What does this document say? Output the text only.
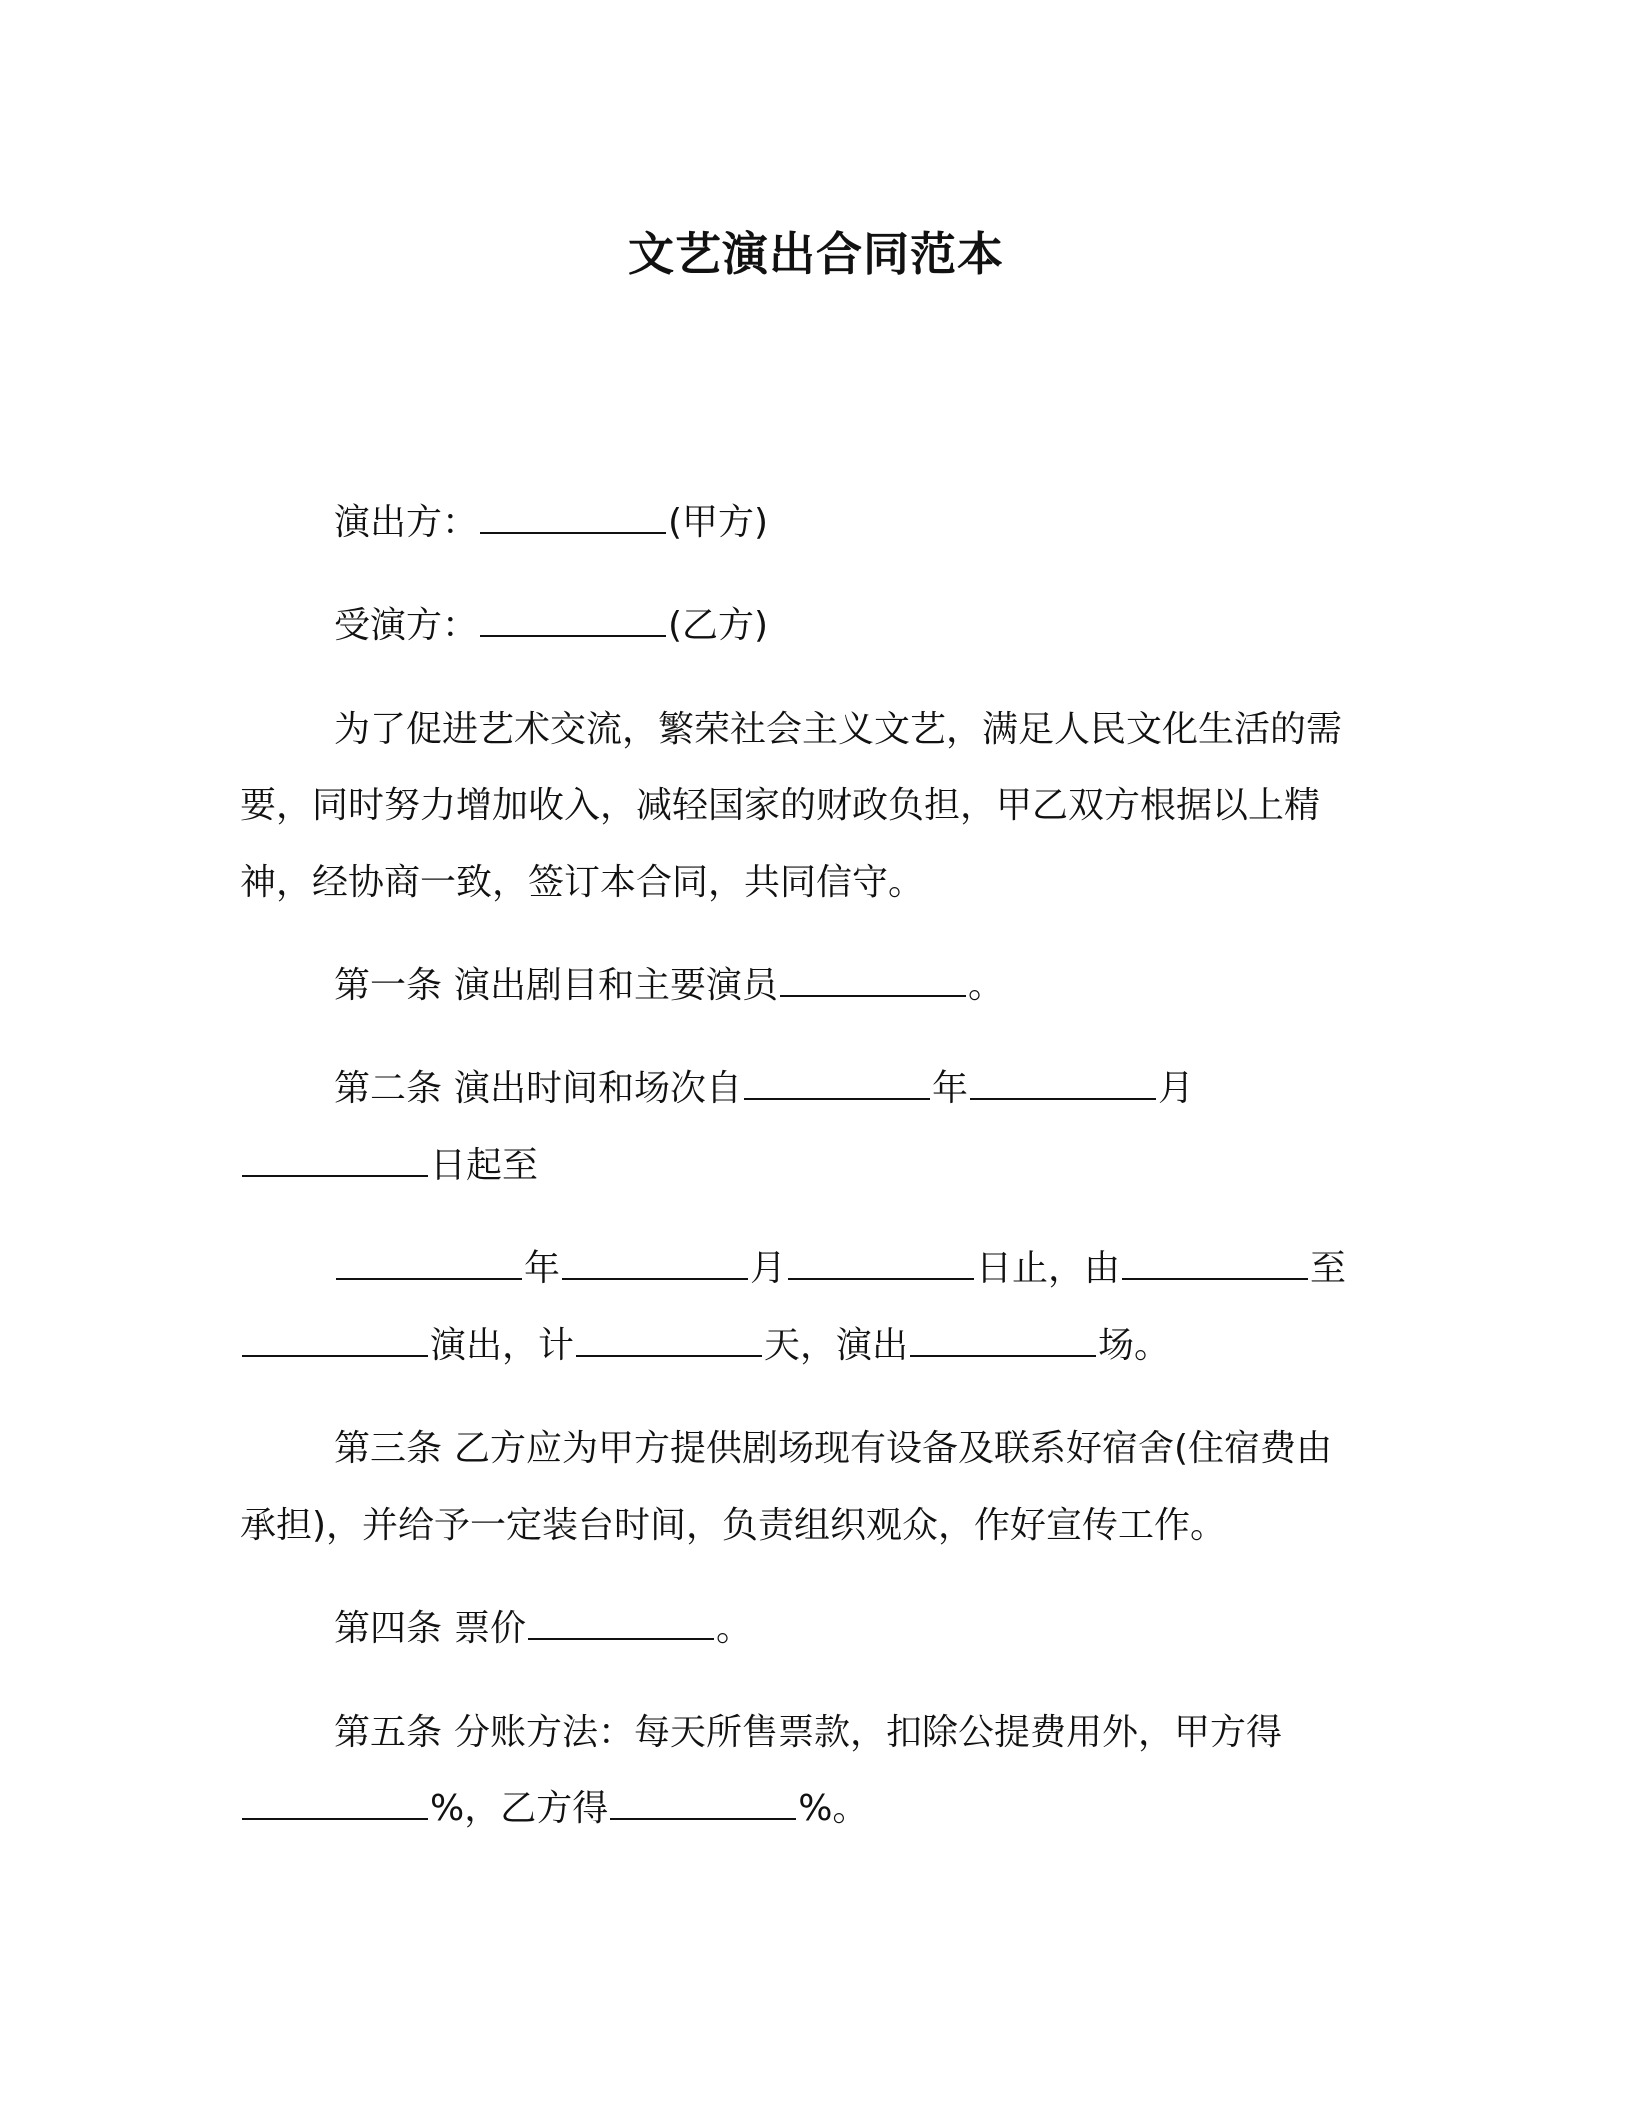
文艺演出合同范本
演出方：	(甲方)
受演方：	(乙方)
为了促进艺术交流，繁荣社会主义文艺，满足人民文化生活的需
要，同时努力增加收入，减轻国家的财政负担，甲乙双方根据以上精
神，经协商一致，签订本合同，共同信守。
第一条 演出剧目和主要演员	。
第二条 演出时间和场次自	年	月
日起至
年	月	日止，由	至
演出，计	天，演出	场。
第三条 乙方应为甲方提供剧场现有设备及联系好宿舍(住宿费由
承担)，并给予一定装台时间，负责组织观众，作好宣传工作。
第四条 票价	。
第五条 分账方法：每天所售票款，扣除公提费用外，甲方得
%，乙方得	%。
